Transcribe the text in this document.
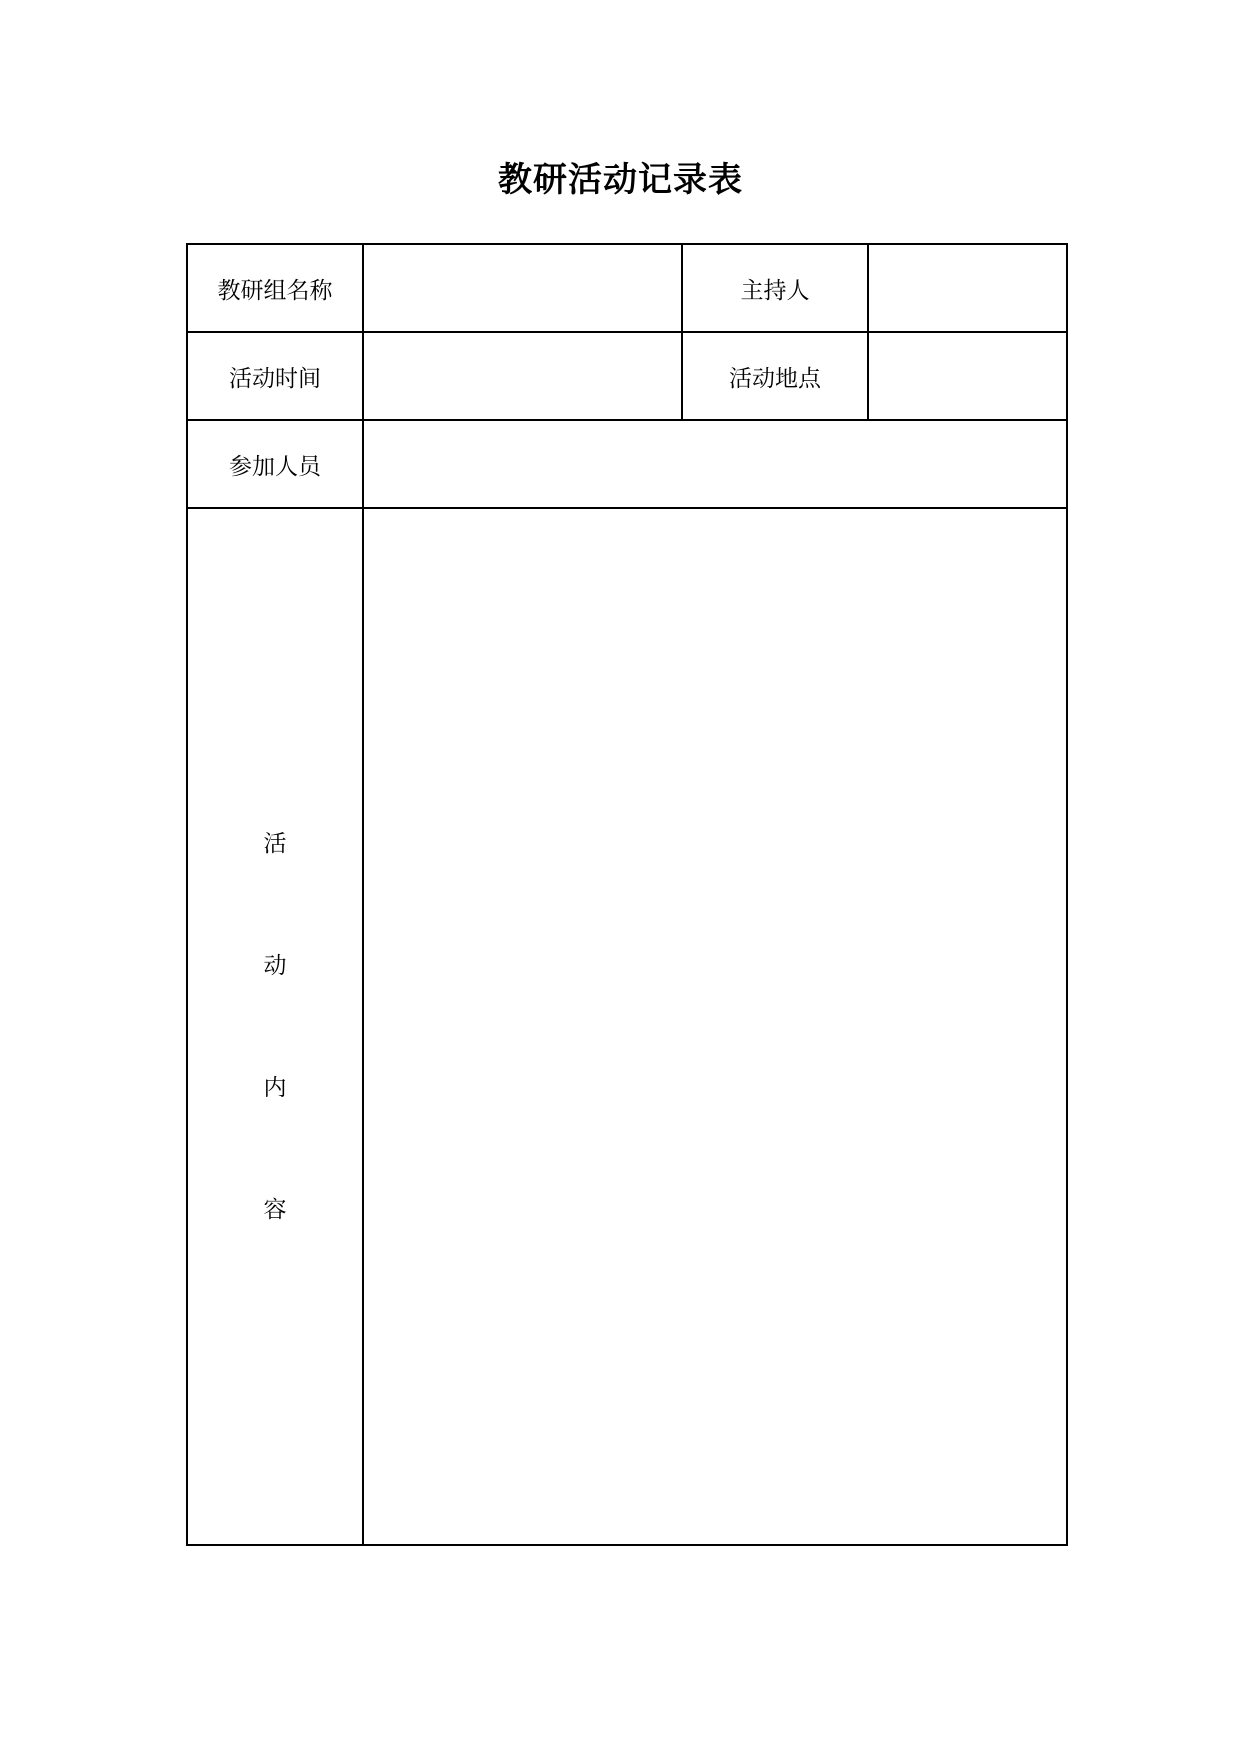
教研活动记录表
教研组名称		主持人	
活动时间		活动地点	
参加人员			

活
动
内
容			
